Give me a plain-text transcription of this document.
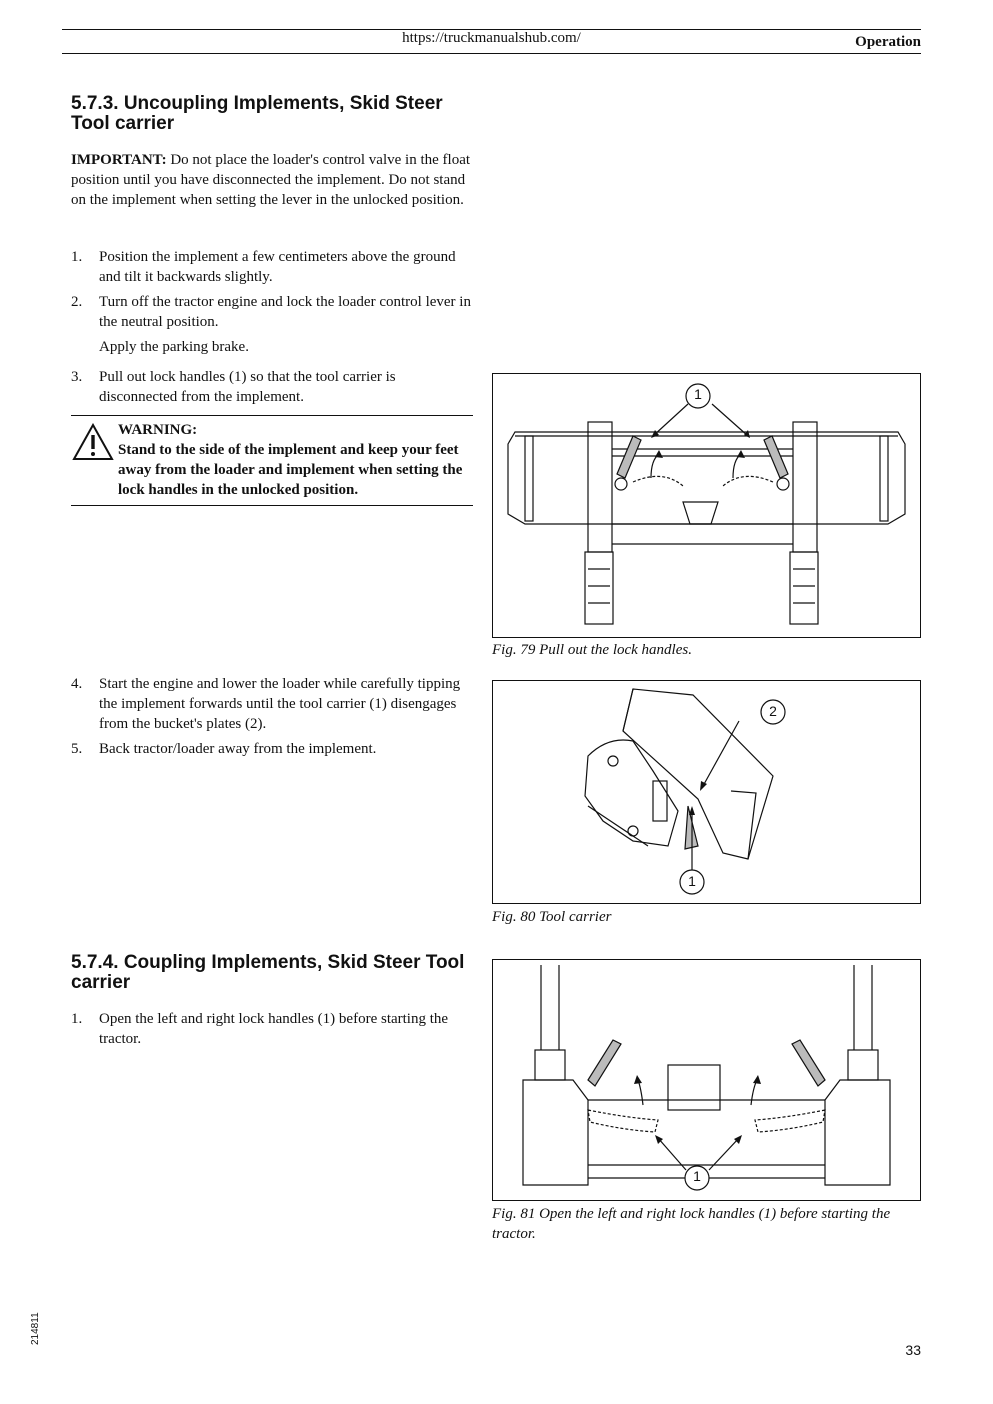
https://truckmanualshub.com/	Operation
5.7.3. Uncoupling Implements, Skid Steer Tool carrier
IMPORTANT: Do not place the loader's control valve in the float position until you have disconnected the implement. Do not stand on the implement when setting the lever in the unlocked position.
1.	Position the implement a few centimeters above the ground and tilt it backwards slightly.
2.	Turn off the tractor engine and lock the loader control lever in the neutral position.
Apply the parking brake.
3.	Pull out lock handles (1) so that the tool carrier is disconnected from the implement.
WARNING:
Stand to the side of the implement and keep your feet away from the loader and implement when setting the lock handles in the unlocked position.
4.	Start the engine and lower the loader while carefully tipping the implement forwards until the tool carrier (1) disengages from the bucket's plates (2).
5.	Back tractor/loader away from the implement.
5.7.4. Coupling Implements, Skid Steer Tool carrier
1.	Open the left and right lock handles (1) before starting the tractor.
1
Fig. 79 Pull out the lock handles.
2
1
Fig. 80 Tool carrier
1
Fig. 81 Open the left and right lock handles (1) before starting the tractor.
33
214811
